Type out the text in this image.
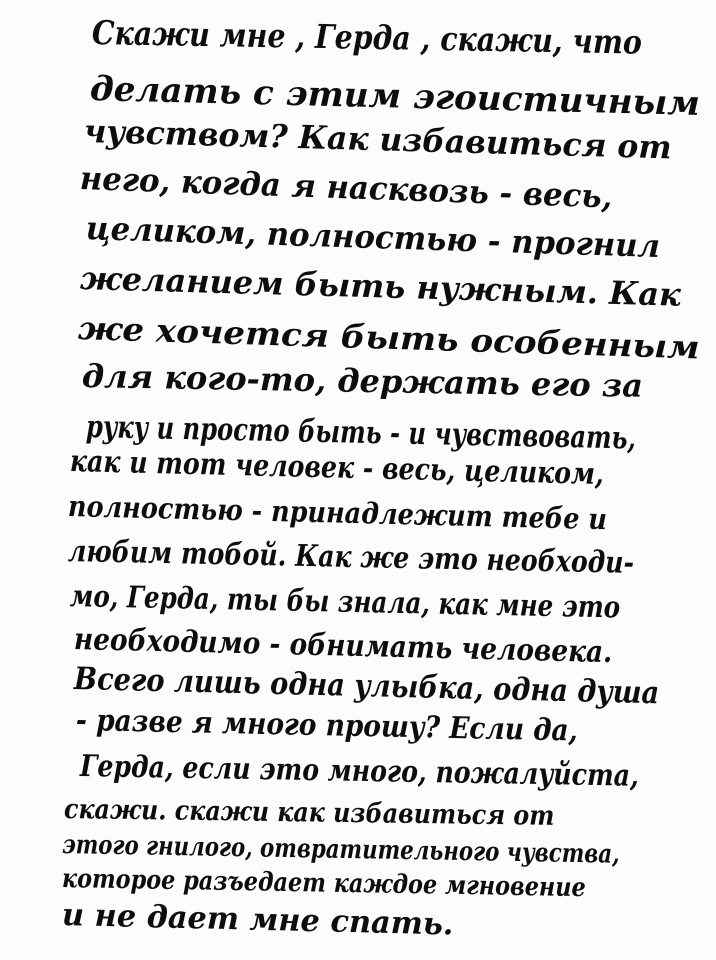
Скажи мне , Герда , скажи, что
делать с этим эгоистичным
чувством? Как избавиться от
него, когда я насквозь - весь,
целиком, полностью - прогнил
желанием быть нужным. Как
же хочется быть особенным
для кого-то, держать его за
руку и просто быть - и чувствовать,
как и тот человек - весь, целиком,
полностью - принадлежит тебе и
любим тобой. Как же это необходи-
мо, Герда, ты бы знала, как мне это
необходимо - обнимать человека.
Всего лишь одна улыбка, одна душа
- разве я много прошу? Если да,
Герда, если это много, пожалуйста,
скажи. скажи как избавиться от
этого гнилого, отвратительного чувства,
которое разъедает каждое мгновение
и не дает мне спать.
